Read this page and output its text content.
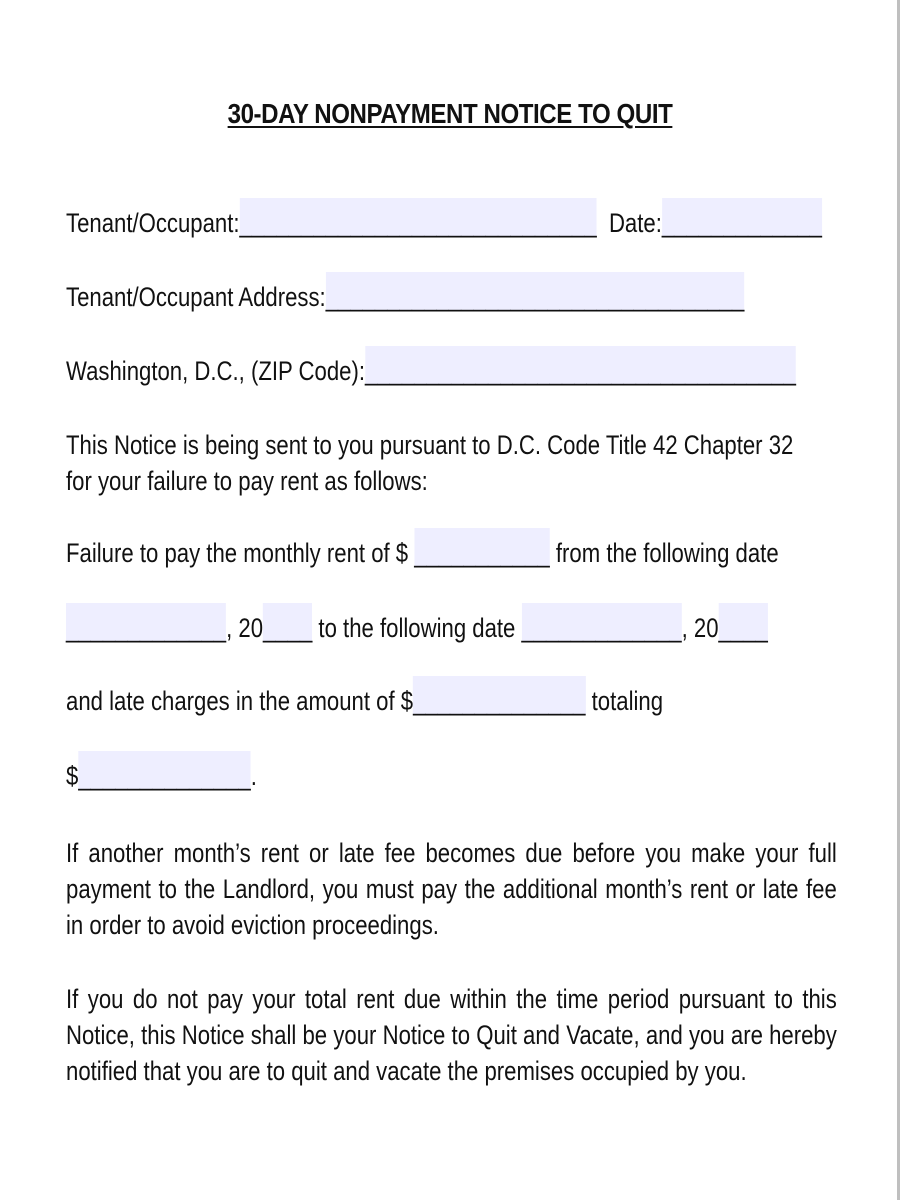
30-DAY NONPAYMENT NOTICE TO QUIT
Tenant/Occupant:_____________________________ Date:_____________
Tenant/Occupant Address:__________________________________
Washington, D.C., (ZIP Code):___________________________________
This Notice is being sent to you pursuant to D.C. Code Title 42 Chapter 32
for your failure to pay rent as follows:
Failure to pay the monthly rent of $ ___________ from the following date
_____________, 20____ to the following date _____________, 20____
and late charges in the amount of $______________ totaling
$______________.
If another month’s rent or late fee becomes due before you make your full payment to the Landlord, you must pay the additional month’s rent or late fee in order to avoid eviction proceedings.
If you do not pay your total rent due within the time period pursuant to this Notice, this Notice shall be your Notice to Quit and Vacate, and you are hereby notified that you are to quit and vacate the premises occupied by you.
